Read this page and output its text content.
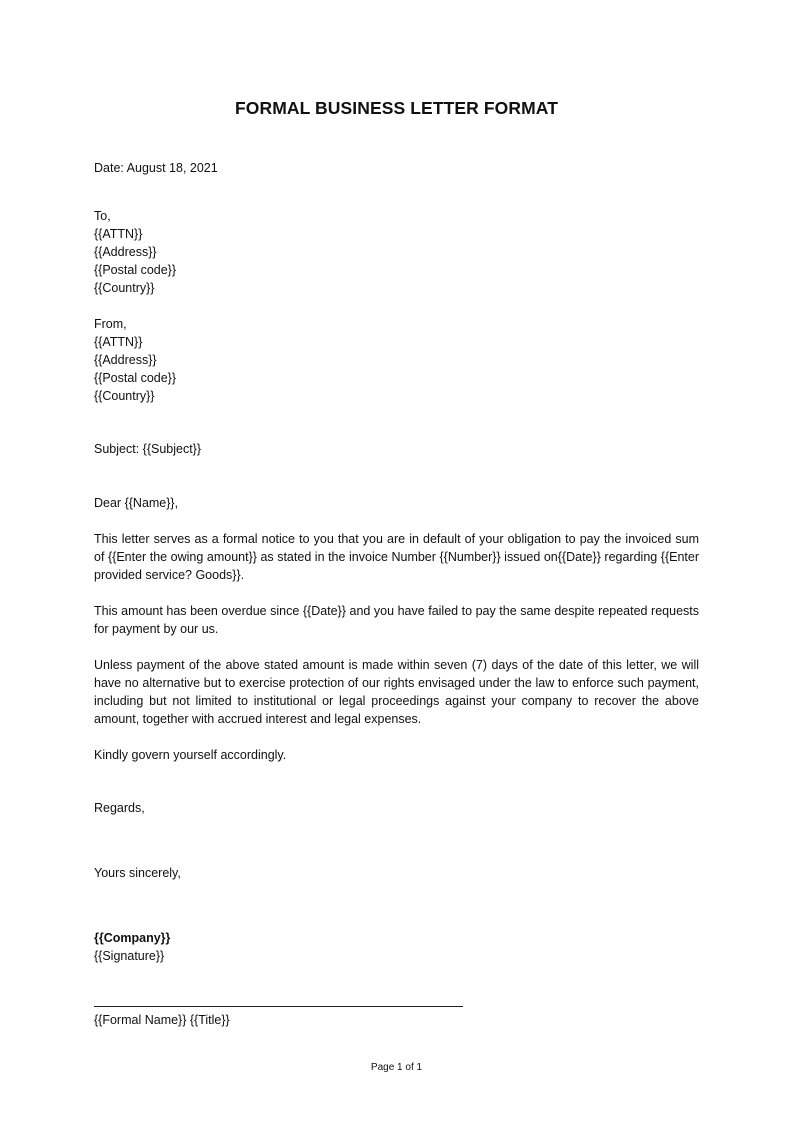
FORMAL BUSINESS LETTER FORMAT
Date: August 18, 2021
To,
{{ATTN}}
{{Address}}
{{Postal code}}
{{Country}}
From,
{{ATTN}}
{{Address}}
{{Postal code}}
{{Country}}
Subject: {{Subject}}
Dear {{Name}},
This letter serves as a formal notice to you that you are in default of your obligation to pay the invoiced sum of {{Enter the owing amount}} as stated in the invoice Number {{Number}} issued on{{Date}} regarding {{Enter provided service? Goods}}.
This amount has been overdue since {{Date}} and you have failed to pay the same despite repeated requests for payment by our us.
Unless payment of the above stated amount is made within seven (7) days of the date of this letter, we will have no alternative but to exercise protection of our rights envisaged under the law to enforce such payment, including but not limited to institutional or legal proceedings against your company to recover the above amount, together with accrued interest and legal expenses.
Kindly govern yourself accordingly.
Regards,
Yours sincerely,
{{Company}}
{{Signature}}
{{Formal Name}} {{Title}}
Page 1 of 1
